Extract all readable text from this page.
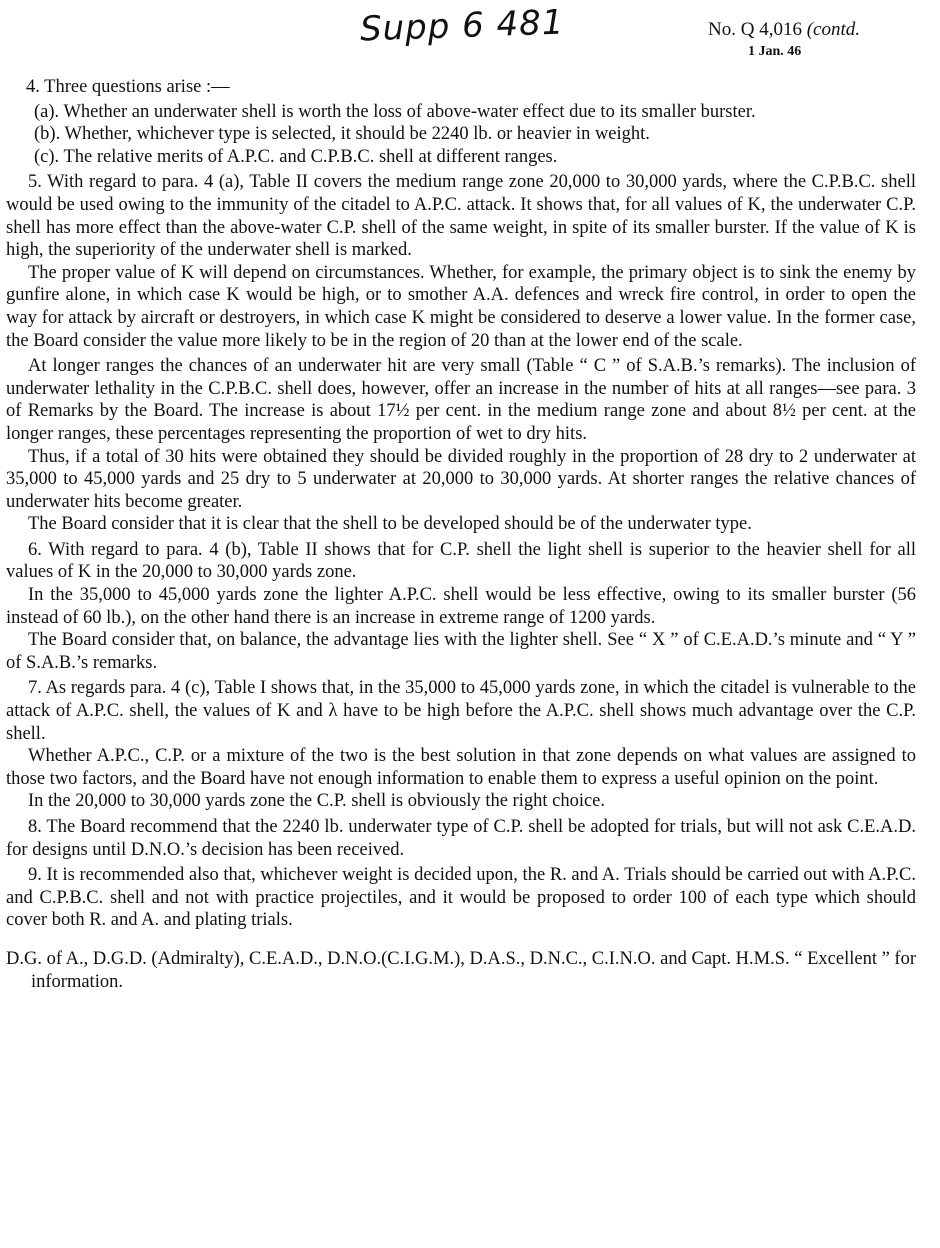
Supp 6 481	No. Q 4,016 (contd.
1 Jan. 46

4. Three questions arise :—

(a). Whether an underwater shell is worth the loss of above-water effect due to its smaller burster.

(b). Whether, whichever type is selected, it should be 2240 lb. or heavier in weight.

(c). The relative merits of A.P.C. and C.P.B.C. shell at different ranges.

5. With regard to para. 4 (a), Table II covers the medium range zone 20,000 to 30,000 yards, where the C.P.B.C. shell would be used owing to the immunity of the citadel to A.P.C. attack. It shows that, for all values of K, the underwater C.P. shell has more effect than the above-water C.P. shell of the same weight, in spite of its smaller burster. If the value of K is high, the superiority of the underwater shell is marked.

The proper value of K will depend on circumstances. Whether, for example, the primary object is to sink the enemy by gunfire alone, in which case K would be high, or to smother A.A. defences and wreck fire control, in order to open the way for attack by aircraft or destroyers, in which case K might be considered to deserve a lower value. In the former case, the Board consider the value more likely to be in the region of 20 than at the lower end of the scale.

At longer ranges the chances of an underwater hit are very small (Table “ C ” of S.A.B.’s remarks). The inclusion of underwater lethality in the C.P.B.C. shell does, however, offer an increase in the number of hits at all ranges—see para. 3 of Remarks by the Board. The increase is about 17½ per cent. in the medium range zone and about 8½ per cent. at the longer ranges, these percentages representing the proportion of wet to dry hits.

Thus, if a total of 30 hits were obtained they should be divided roughly in the proportion of 28 dry to 2 underwater at 35,000 to 45,000 yards and 25 dry to 5 underwater at 20,000 to 30,000 yards. At shorter ranges the relative chances of underwater hits become greater.

The Board consider that it is clear that the shell to be developed should be of the underwater type.

6. With regard to para. 4 (b), Table II shows that for C.P. shell the light shell is superior to the heavier shell for all values of K in the 20,000 to 30,000 yards zone.

In the 35,000 to 45,000 yards zone the lighter A.P.C. shell would be less effective, owing to its smaller burster (56 instead of 60 lb.), on the other hand there is an increase in extreme range of 1200 yards.

The Board consider that, on balance, the advantage lies with the lighter shell. See “ X ” of C.E.A.D.’s minute and “ Y ” of S.A.B.’s remarks.

7. As regards para. 4 (c), Table I shows that, in the 35,000 to 45,000 yards zone, in which the citadel is vulnerable to the attack of A.P.C. shell, the values of K and λ have to be high before the A.P.C. shell shows much advantage over the C.P. shell.

Whether A.P.C., C.P. or a mixture of the two is the best solution in that zone depends on what values are assigned to those two factors, and the Board have not enough information to enable them to express a useful opinion on the point.

In the 20,000 to 30,000 yards zone the C.P. shell is obviously the right choice.

8. The Board recommend that the 2240 lb. underwater type of C.P. shell be adopted for trials, but will not ask C.E.A.D. for designs until D.N.O.’s decision has been received.

9. It is recommended also that, whichever weight is decided upon, the R. and A. Trials should be carried out with A.P.C. and C.P.B.C. shell and not with practice projectiles, and it would be proposed to order 100 of each type which should cover both R. and A. and plating trials.

D.G. of A., D.G.D. (Admiralty), C.E.A.D., D.N.O.(C.I.G.M.), D.A.S., D.N.C., C.I.N.O. and Capt. H.M.S. “ Excellent ” for information.
